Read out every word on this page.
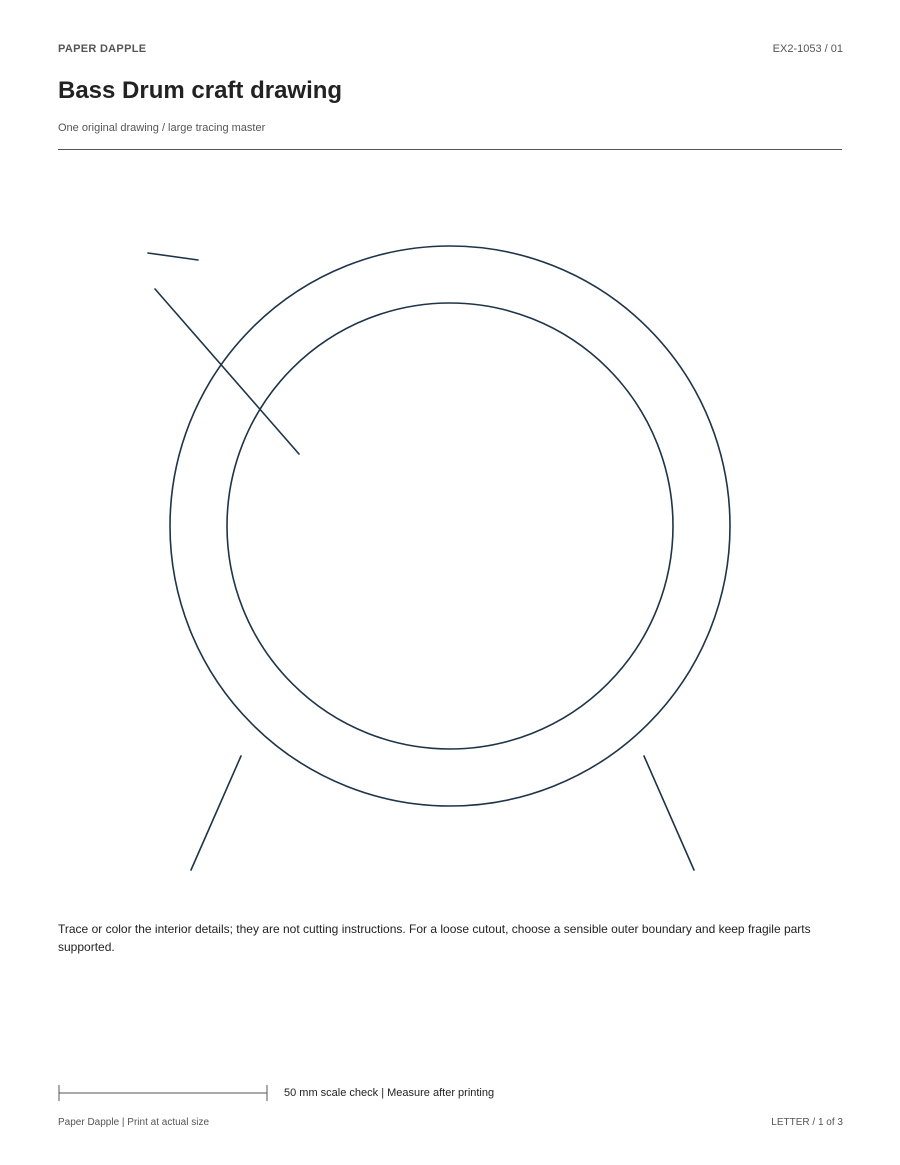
PAPER DAPPLE	EX2-1053 / 01
Bass Drum craft drawing
One original drawing / large tracing master
Trace or color the interior details; they are not cutting instructions. For a loose cutout, choose a sensible outer boundary and keep fragile parts supported.
50 mm scale check | Measure after printing
Paper Dapple | Print at actual size	LETTER / 1 of 3
